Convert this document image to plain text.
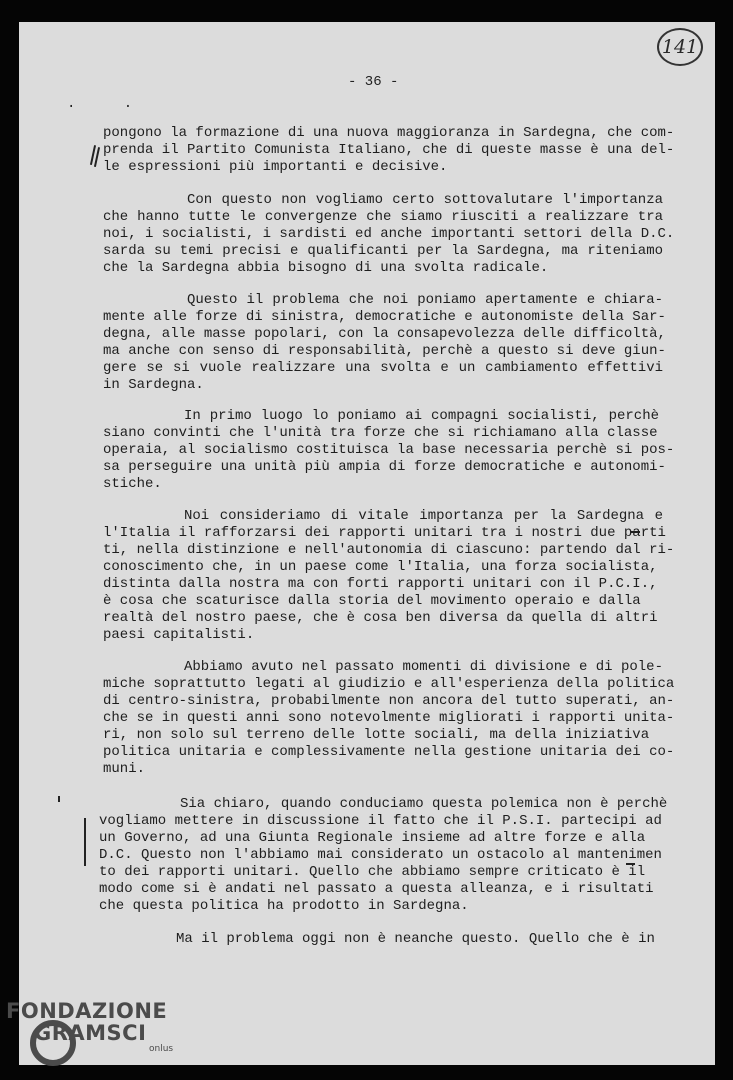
141
- 36 -
. .
pongono la formazione di una nuova maggioranza in Sardegna, che com-
prenda il Partito Comunista Italiano, che di queste masse è una del-
le espressioni più importanti e decisive.
Con questo non vogliamo certo sottovalutare l'importanza
che hanno tutte le convergenze che siamo riusciti a realizzare tra
noi, i socialisti, i sardisti ed anche importanti settori della D.C.
sarda su temi precisi e qualificanti per la Sardegna, ma riteniamo
che la Sardegna abbia bisogno di una svolta radicale.
Questo il problema che noi poniamo apertamente e chiara-
mente alle forze di sinistra, democratiche e autonomiste della Sar-
degna, alle masse popolari, con la consapevolezza delle difficoltà,
ma anche con senso di responsabilità, perchè a questo si deve giun-
gere se si vuole realizzare una svolta e un cambiamento effettivi
in Sardegna.
In primo luogo lo poniamo ai compagni socialisti, perchè
siano convinti che l'unità tra forze che si richiamano alla classe
operaia, al socialismo costituisca la base necessaria perchè si pos-
sa perseguire una unità più ampia di forze democratiche e autonomi-
stiche.
Noi consideriamo di vitale importanza per la Sardegna e
l'Italia il rafforzarsi dei rapporti unitari tra i nostri due parti
ti, nella distinzione e nell'autonomia di ciascuno: partendo dal ri-
conoscimento che, in un paese come l'Italia, una forza socialista,
distinta dalla nostra ma con forti rapporti unitari con il P.C.I.,
è cosa che scaturisce dalla storia del movimento operaio e dalla
realtà del nostro paese, che è cosa ben diversa da quella di altri
paesi capitalisti.
Abbiamo avuto nel passato momenti di divisione e di pole-
miche soprattutto legati al giudizio e all'esperienza della politica
di centro-sinistra, probabilmente non ancora del tutto superati, an-
che se in questi anni sono notevolmente migliorati i rapporti unita-
ri, non solo sul terreno delle lotte sociali, ma della iniziativa
politica unitaria e complessivamente nella gestione unitaria dei co-
muni.
Sia chiaro, quando conduciamo questa polemica non è perchè
vogliamo mettere in discussione il fatto che il P.S.I. partecipi ad
un Governo, ad una Giunta Regionale insieme ad altre forze e alla
D.C. Questo non l'abbiamo mai considerato un ostacolo al mantenimen
to dei rapporti unitari. Quello che abbiamo sempre criticato è il
modo come si è andati nel passato a questa alleanza, e i risultati
che questa politica ha prodotto in Sardegna.
Ma il problema oggi non è neanche questo. Quello che è in
FONDAZIONE
GRAMSCI
onlus
